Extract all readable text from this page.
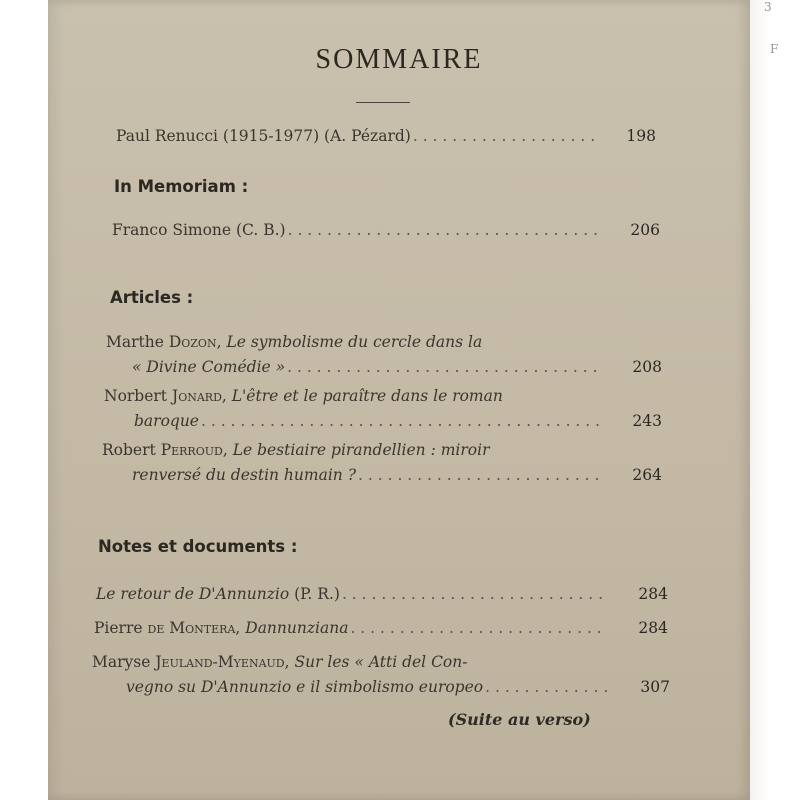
SOMMAIRE
Paul Renucci (1915-1977) (A. Pézard) . . .	198
In Memoriam :
Franco Simone (C. B.) . . .	206
Articles :
Marthe
Dozon , Le symbolisme du cercle dans la
« Divine Comédie » . . .	208
Norbert
Jonard , L'être et le paraître dans le roman
baroque . . .	243
Robert
Perroud , Le bestiaire pirandellien : miroir
renversé du destin humain ? . . .	264
Notes et documents :
Le retour de D'Annunzio
(P. R.) . . .	284
Pierre
de
Montera , Dannunziana . . .	284
Maryse
Jeuland-Myenaud , Sur les « Atti del Con-
vegno su D'Annunzio e il simbolismo europeo . . .	307
(Suite au verso)
3
F
